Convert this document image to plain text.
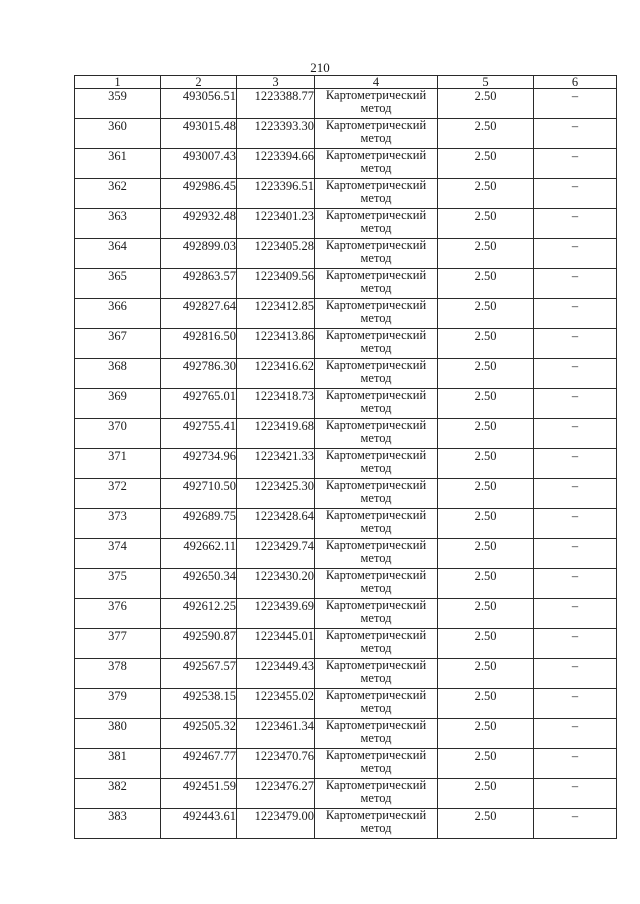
210
1	2	3	4	5	6
359	493056.51	1223388.77	Картометрический метод	2.50	–
360	493015.48	1223393.30	Картометрический метод	2.50	–
361	493007.43	1223394.66	Картометрический метод	2.50	–
362	492986.45	1223396.51	Картометрический метод	2.50	–
363	492932.48	1223401.23	Картометрический метод	2.50	–
364	492899.03	1223405.28	Картометрический метод	2.50	–
365	492863.57	1223409.56	Картометрический метод	2.50	–
366	492827.64	1223412.85	Картометрический метод	2.50	–
367	492816.50	1223413.86	Картометрический метод	2.50	–
368	492786.30	1223416.62	Картометрический метод	2.50	–
369	492765.01	1223418.73	Картометрический метод	2.50	–
370	492755.41	1223419.68	Картометрический метод	2.50	–
371	492734.96	1223421.33	Картометрический метод	2.50	–
372	492710.50	1223425.30	Картометрический метод	2.50	–
373	492689.75	1223428.64	Картометрический метод	2.50	–
374	492662.11	1223429.74	Картометрический метод	2.50	–
375	492650.34	1223430.20	Картометрический метод	2.50	–
376	492612.25	1223439.69	Картометрический метод	2.50	–
377	492590.87	1223445.01	Картометрический метод	2.50	–
378	492567.57	1223449.43	Картометрический метод	2.50	–
379	492538.15	1223455.02	Картометрический метод	2.50	–
380	492505.32	1223461.34	Картометрический метод	2.50	–
381	492467.77	1223470.76	Картометрический метод	2.50	–
382	492451.59	1223476.27	Картометрический метод	2.50	–
383	492443.61	1223479.00	Картометрический метод	2.50	–
